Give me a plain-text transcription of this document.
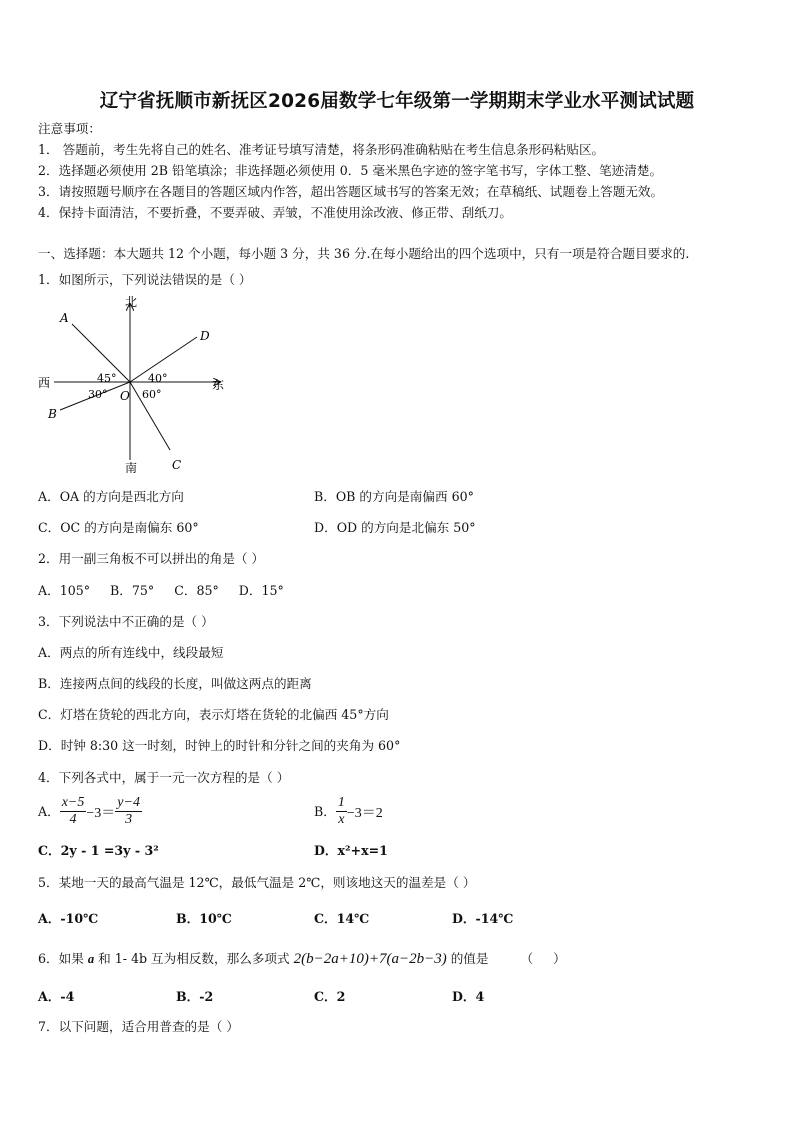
辽宁省抚顺市新抚区2026届数学七年级第一学期期末学业水平测试试题
注意事项：
1． 答题前，考生先将自己的姓名、准考证号填写清楚，将条形码准确粘贴在考生信息条形码粘贴区。
2．选择题必须使用 2B 铅笔填涂；非选择题必须使用 0．5 毫米黑色字迹的签字笔书写，字体工整、笔迹清楚。
3．请按照题号顺序在各题目的答题区域内作答，超出答题区域书写的答案无效；在草稿纸、试题卷上答题无效。
4．保持卡面清洁，不要折叠，不要弄破、弄皱，不准使用涂改液、修正带、刮纸刀。
一、选择题：本大题共 12 个小题，每小题 3 分，共 36 分.在每小题给出的四个选项中，只有一项是符合题目要求的.
1．如图所示，下列说法错误的是（ ）
北
南
西	东
A
D
B
C
O
45°	40°
30°	60°
A．OA 的方向是西北方向	B．OB 的方向是南偏西 60°
C．OC 的方向是南偏东 60°	D．OD 的方向是北偏东 50°
2．用一副三角板不可以拼出的角是（ ）
A．105°     B．75°     C．85°     D．15°
3．下列说法中不正确的是（ ）
A．两点的所有连线中，线段最短
B．连接两点间的线段的长度，叫做这两点的距离
C．灯塔在货轮的西北方向，表示灯塔在货轮的北偏西 45°方向
D．时钟 8:30 这一时刻，时钟上的时针和分针之间的夹角为 60°
4．下列各式中，属于一元一次方程的是（ ）
A． $\frac{x-5}{4} -3= \frac{y-4}{3}$	B． $\frac{1}{x} -3=2$
C．2y - 1 =3y - 3²	D．x²+x=1
5．某地一天的最高气温是 12℃，最低气温是 2℃，则该地这天的温差是（ ）
A．-10℃	B．10℃	C．14℃	D．-14℃
6．如果 a 和 1- 4b 互为相反数，那么多项式 2(b−2a+10)+7(a−2b−3) 的值是        （     ）
A．-4	B．-2	C．2	D．4
7．以下问题，适合用普查的是（ ）
